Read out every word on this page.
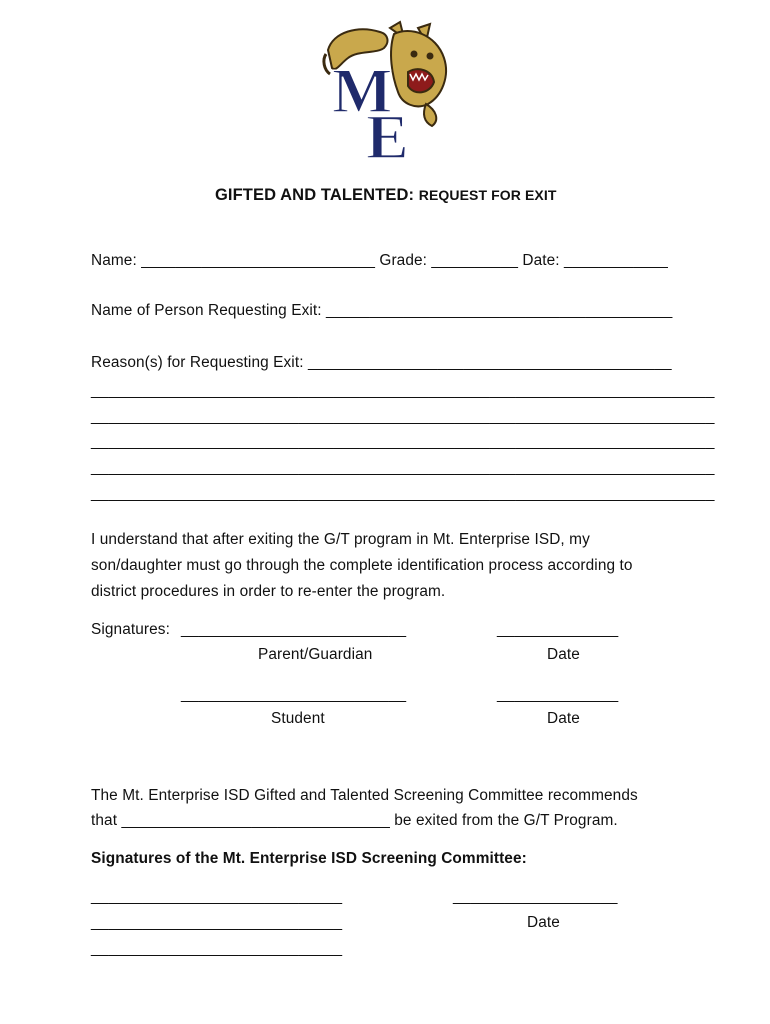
M
E
GIFTED AND TALENTED: REQUEST FOR EXIT
Name: ___________________________ Grade: __________ Date: ____________
Name of Person Requesting Exit: ________________________________________
Reason(s) for Requesting Exit: __________________________________________
________________________________________________________________________
________________________________________________________________________
________________________________________________________________________
________________________________________________________________________
________________________________________________________________________
I understand that after exiting the G/T program in Mt. Enterprise ISD, my
son/daughter must go through the complete identification process according to
district procedures in order to re-enter the program.
Signatures: __________________________	______________
Parent/Guardian	Date
__________________________	______________
Student	Date
The Mt. Enterprise ISD Gifted and Talented Screening Committee recommends
that _______________________________ be exited from the G/T Program.
Signatures of the Mt. Enterprise ISD Screening Committee:
_____________________________	___________________
_____________________________	Date
_____________________________
